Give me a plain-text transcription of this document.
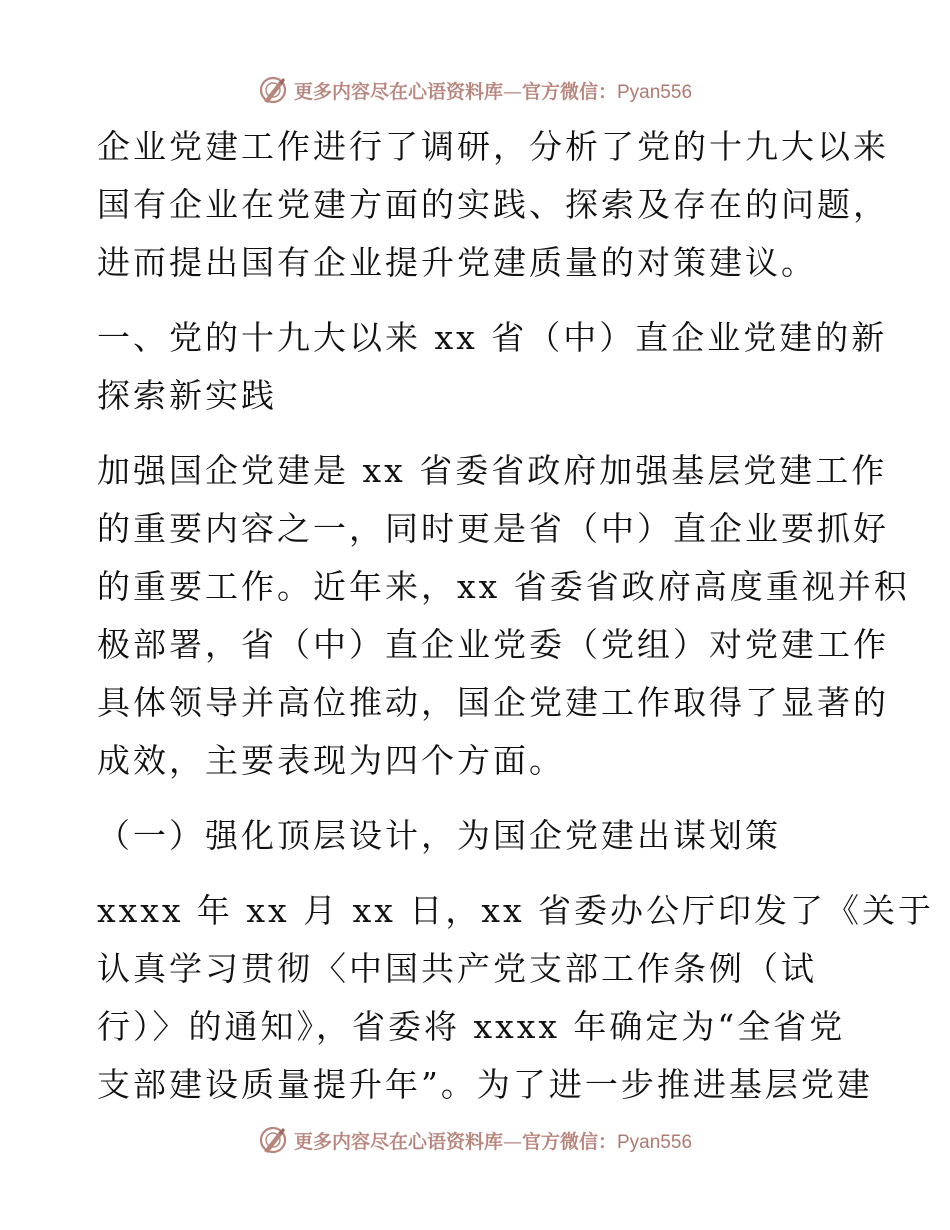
更多内容尽在心语资料库—官方微信：Pyan556
企业党建工作进行了调研，分析了党的十九大以来
国有企业在党建方面的实践、探索及存在的问题，
进而提出国有企业提升党建质量的对策建议。
一、党的十九大以来 xx 省（中）直企业党建的新
探索新实践
加强国企党建是 xx 省委省政府加强基层党建工作
的重要内容之一，同时更是省（中）直企业要抓好
的重要工作。近年来，xx 省委省政府高度重视并积
极部署，省（中）直企业党委（党组）对党建工作
具体领导并高位推动，国企党建工作取得了显著的
成效，主要表现为四个方面。
（一）强化顶层设计，为国企党建出谋划策
xxxx 年 xx 月 xx 日，xx 省委办公厅印发了《关于
认真学习贯彻〈中国共产党支部工作条例（试
行）〉的通知》，省委将 xxxx 年确定为“全省党
支部建设质量提升年”。为了进一步推进基层党建
更多内容尽在心语资料库—官方微信：Pyan556
